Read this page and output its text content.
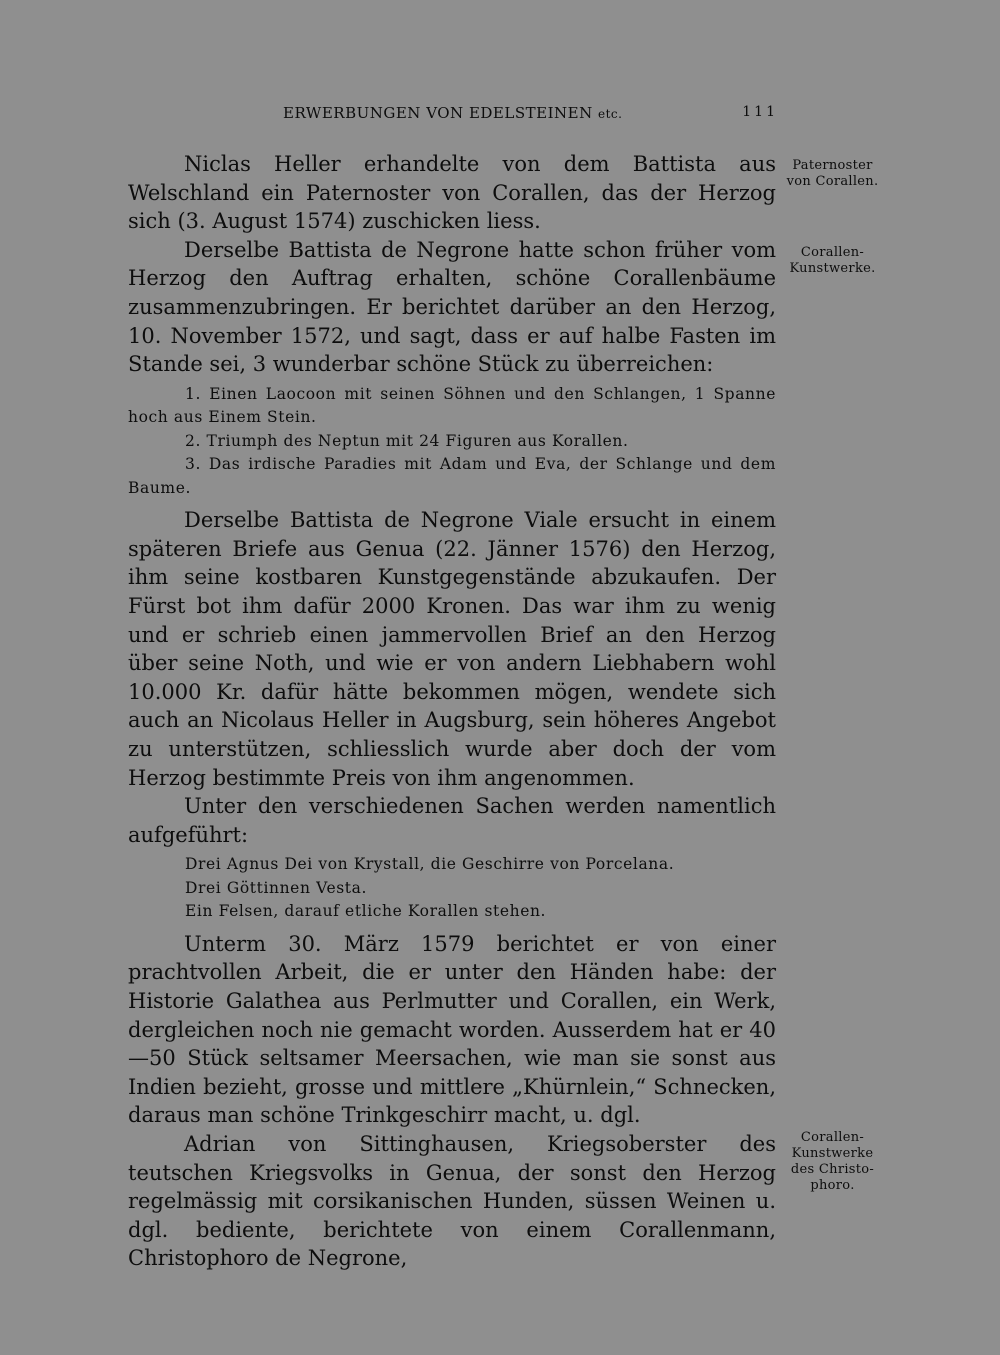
ERWERBUNGEN VON EDELSTEINEN etc.	111

Niclas Heller erhandelte von dem Battista aus Welschland ein Paternoster von Corallen, das der Herzog sich (3. August 1574) zuschicken liess.

Derselbe Battista de Negrone hatte schon früher vom Herzog den Auftrag erhalten, schöne Corallenbäume zusammenzubringen. Er berichtet darüber an den Herzog, 10. November 1572, und sagt, dass er auf halbe Fasten im Stande sei, 3 wunderbar schöne Stück zu überreichen:

1. Einen Laocoon mit seinen Söhnen und den Schlangen, 1 Spanne hoch aus Einem Stein.

2. Triumph des Neptun mit 24 Figuren aus Korallen.

3. Das irdische Paradies mit Adam und Eva, der Schlange und dem Baume.

Derselbe Battista de Negrone Viale ersucht in einem späteren Briefe aus Genua (22. Jänner 1576) den Herzog, ihm seine kostbaren Kunstgegenstände abzukaufen. Der Fürst bot ihm dafür 2000 Kronen. Das war ihm zu wenig und er schrieb einen jammervollen Brief an den Herzog über seine Noth, und wie er von andern Liebhabern wohl 10.000 Kr. dafür hätte bekommen mögen, wendete sich auch an Nicolaus Heller in Augsburg, sein höheres Angebot zu unterstützen, schliesslich wurde aber doch der vom Herzog bestimmte Preis von ihm angenommen.

Unter den verschiedenen Sachen werden namentlich aufgeführt:

Drei Agnus Dei von Krystall, die Geschirre von Porcelana.

Drei Göttinnen Vesta.

Ein Felsen, darauf etliche Korallen stehen.

Unterm 30. März 1579 berichtet er von einer prachtvollen Arbeit, die er unter den Händen habe: der Historie Galathea aus Perlmutter und Corallen, ein Werk, dergleichen noch nie gemacht worden. Ausserdem hat er 40—50 Stück seltsamer Meersachen, wie man sie sonst aus Indien bezieht, grosse und mittlere „Khürnlein,“ Schnecken, daraus man schöne Trinkgeschirr macht, u. dgl.

Adrian von Sittinghausen, Kriegsoberster des teutschen Kriegsvolks in Genua, der sonst den Herzog regelmässig mit corsikanischen Hunden, süssen Weinen u. dgl. bediente, berichtete von einem Corallenmann, Christophoro de Negrone,

Paternoster
von Corallen.
Corallen-
Kunstwerke.
Corallen-
Kunstwerke
des Christo-
phoro.
